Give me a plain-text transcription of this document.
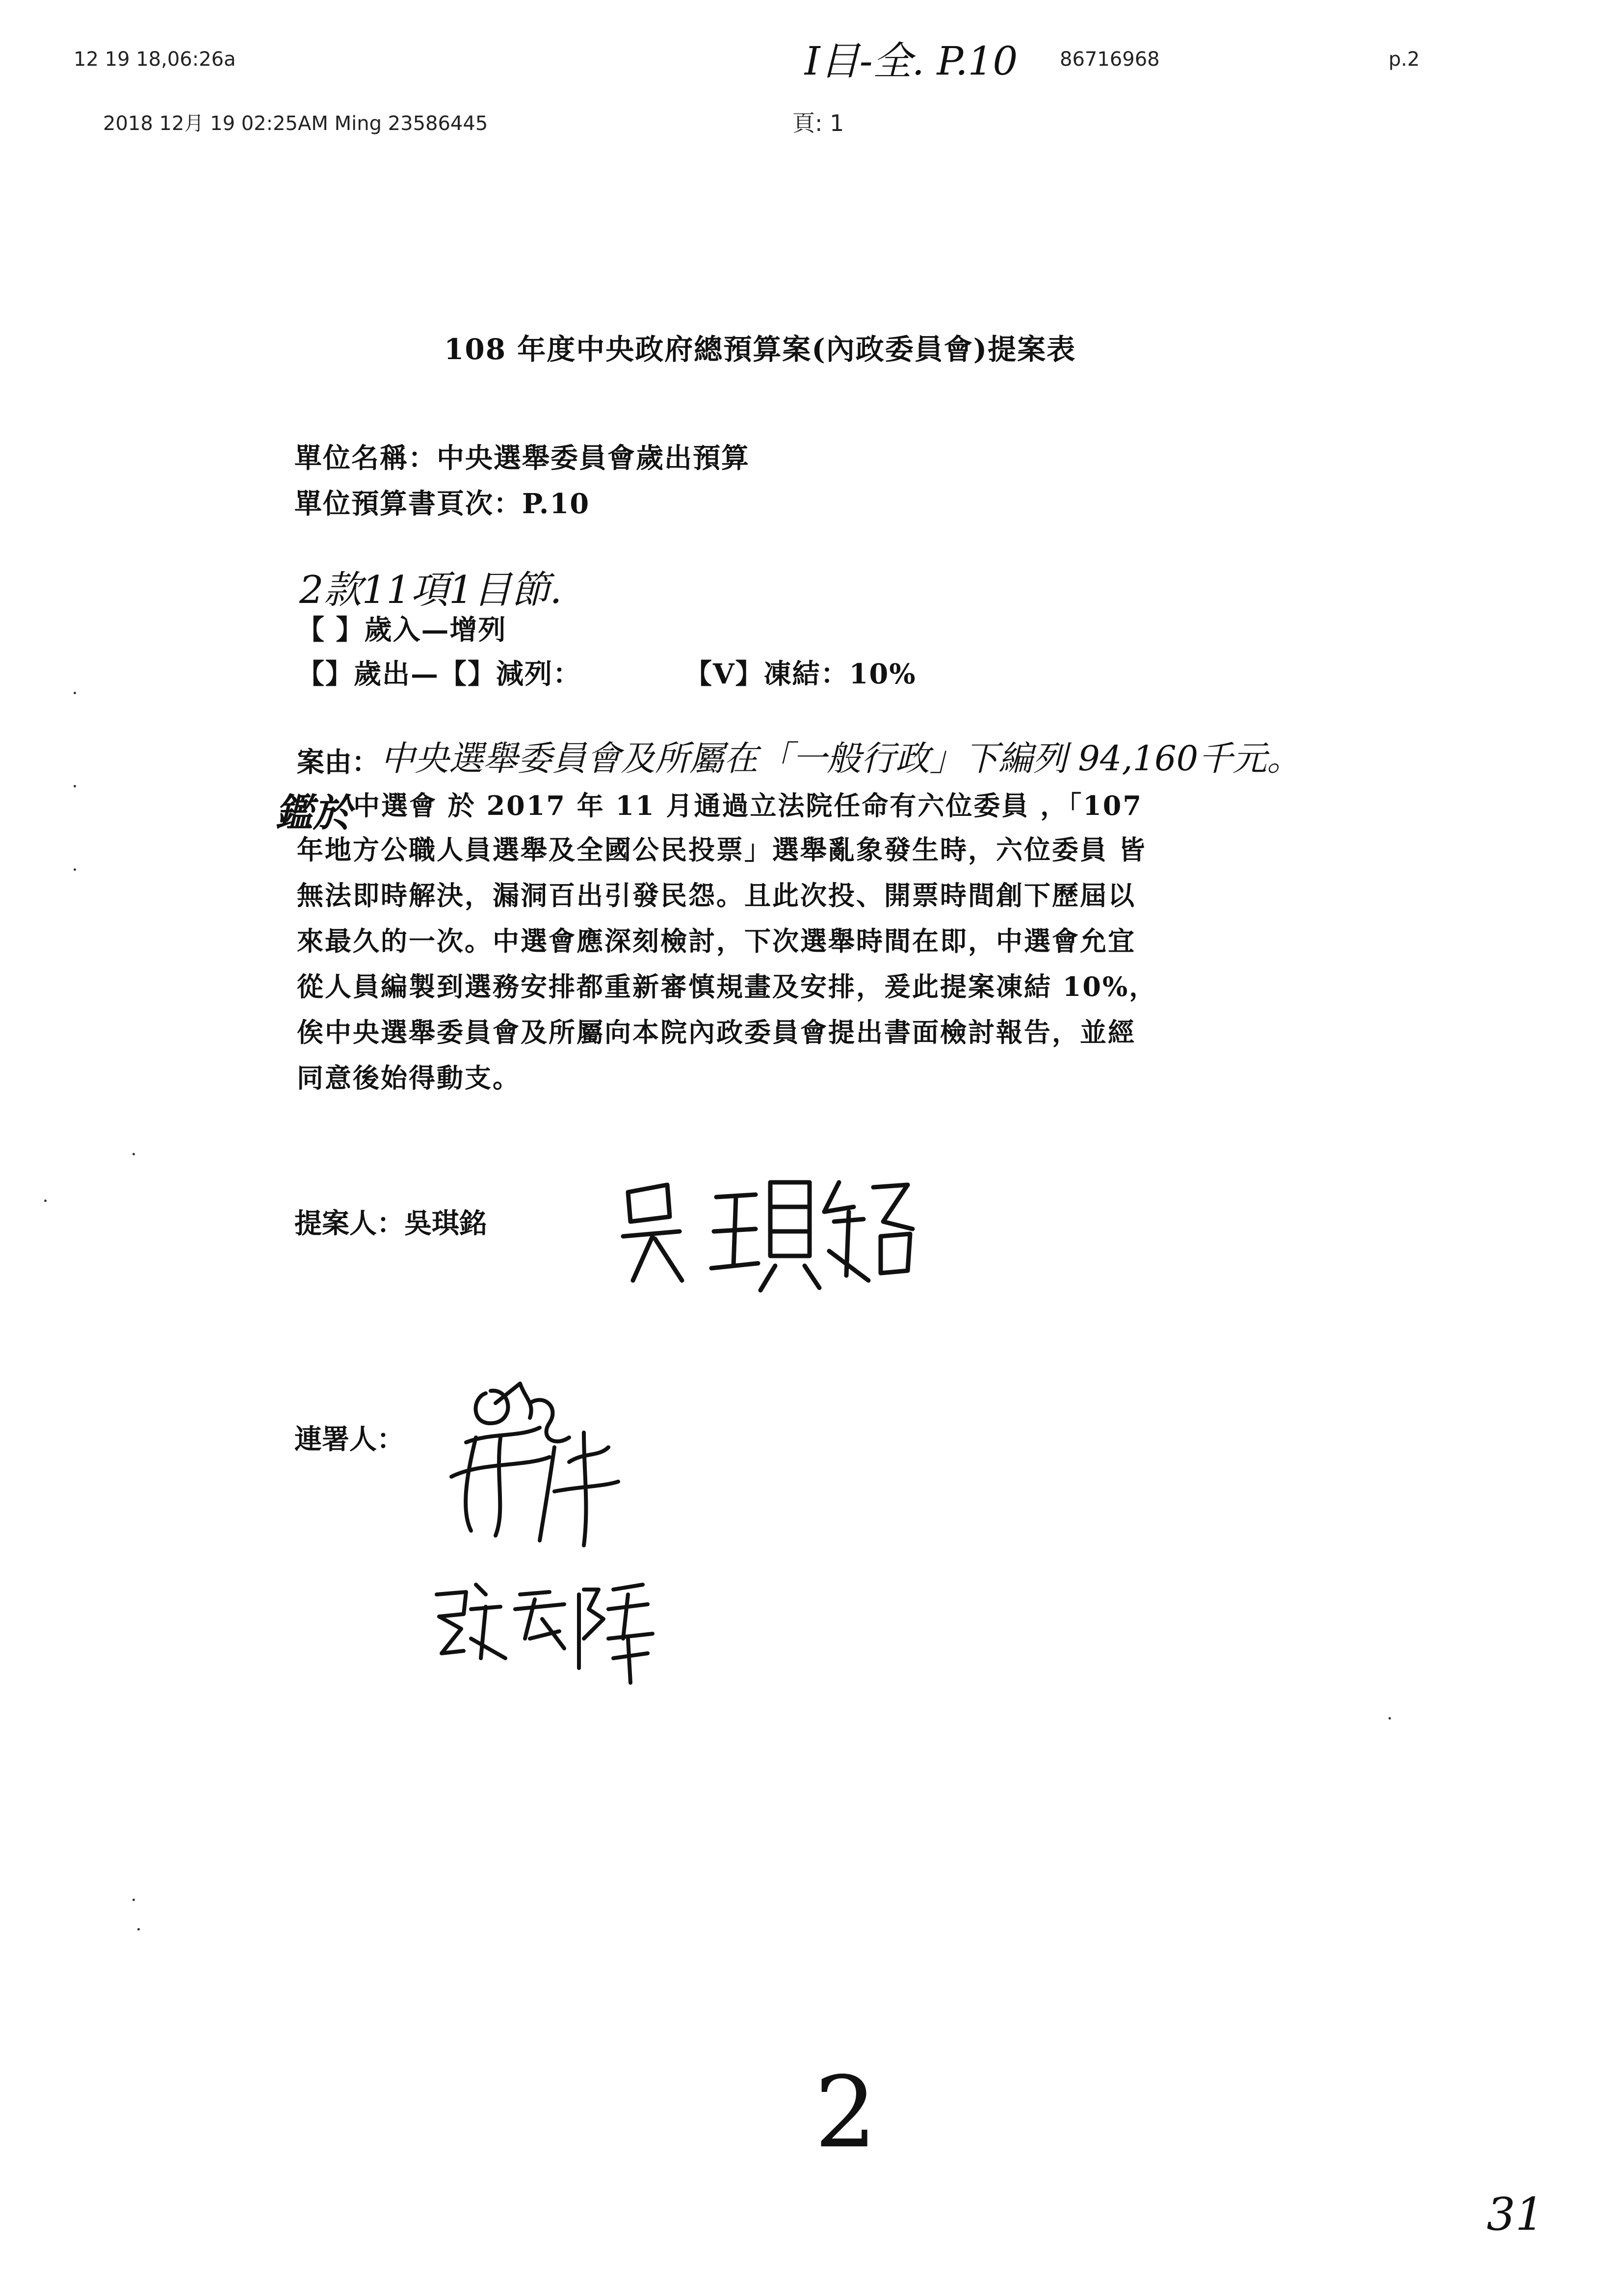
12 19 18,06:26a	I目-全. P.10 86716968	p.2
2018 12月 19 02:25AM Ming 23586445	頁: 1
108 年度中央政府總預算案(內政委員會)提案表
單位名稱：中央選舉委員會歲出預算
單位預算書頁次：P.10
2款11項1目節.
【 】歲入—增列
【】歲出—【】減列：	【V】凍結：10%
案由： 中央選舉委員會及所屬在「一般行政」下編列 94,160千元。
鑑於 中選會 於 2017 年 11 月通過立法院任命有六位委員 ，「107
年地方公職人員選舉及全國公民投票」選舉亂象發生時，六位委員 皆
無法即時解決，漏洞百出引發民怨。且此次投、開票時間創下歷屆以
來最久的一次。中選會應深刻檢討，下次選舉時間在即，中選會允宜
從人員編製到選務安排都重新審慎規畫及安排，爰此提案凍結 10%，
俟中央選舉委員會及所屬向本院內政委員會提出書面檢討報告，並經
同意後始得動支。
提案人：吳琪銘
連署人：
2
31
